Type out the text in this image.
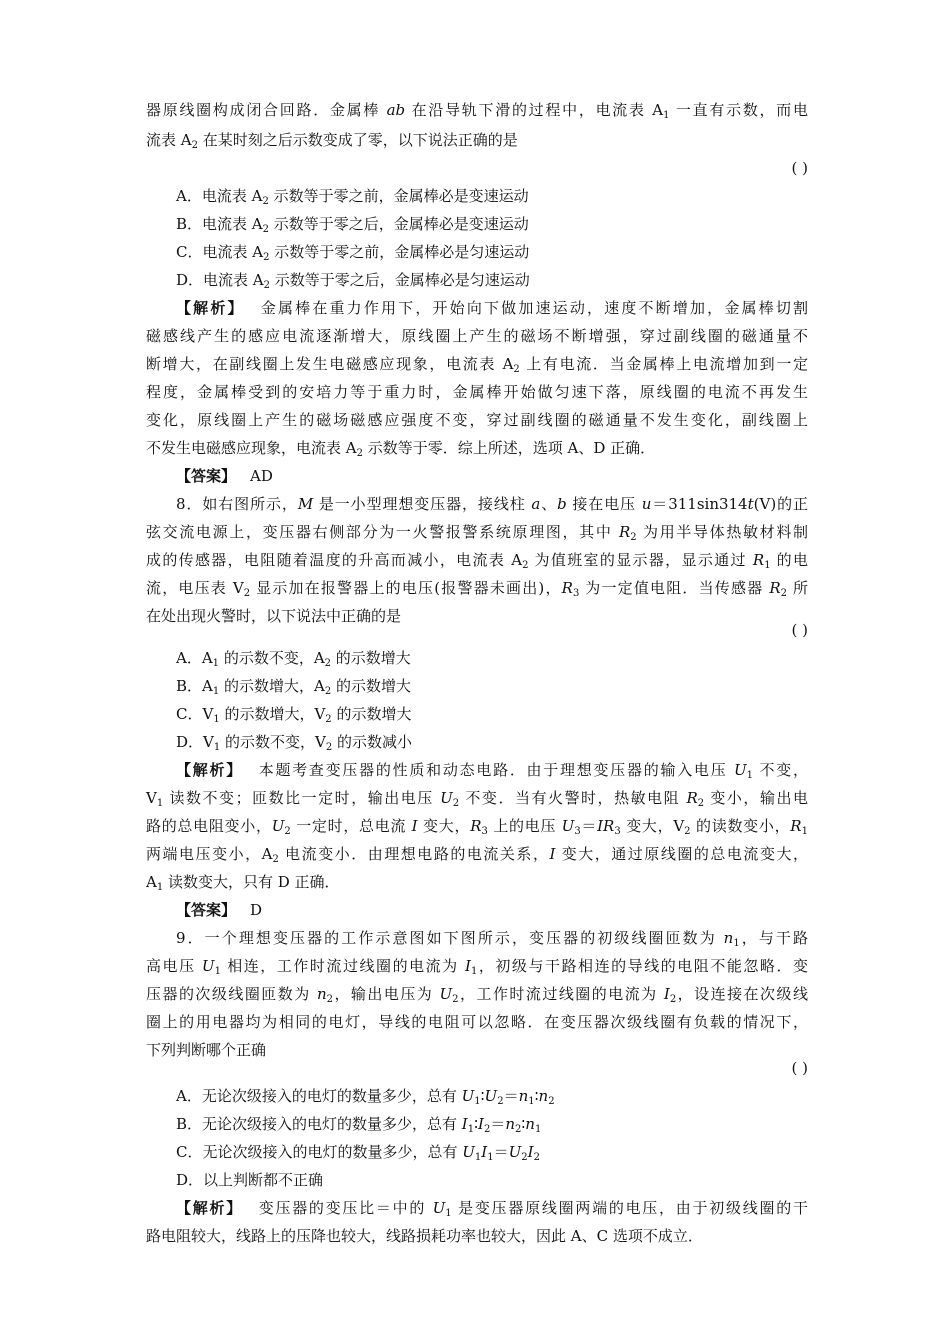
器原线圈构成闭合回路．金属棒 ab 在沿导轨下滑的过程中，电流表 $A_1$ 一直有示数，而电
流表 $A_2$ 在某时刻之后示数变成了零，以下说法正确的是
( )
A．电流表 $A_2$ 示数等于零之前，金属棒必是变速运动
B．电流表 $A_2$ 示数等于零之后，金属棒必是变速运动
C．电流表 $A_2$ 示数等于零之前，金属棒必是匀速运动
D．电流表 $A_2$ 示数等于零之后，金属棒必是匀速运动
【解析】 金属棒在重力作用下，开始向下做加速运动，速度不断增加，金属棒切割
磁感线产生的感应电流逐渐增大，原线圈上产生的磁场不断增强，穿过副线圈的磁通量不
断增大，在副线圈上发生电磁感应现象，电流表 $A_2$ 上有电流．当金属棒上电流增加到一定
程度，金属棒受到的安培力等于重力时，金属棒开始做匀速下落，原线圈的电流不再发生
变化，原线圈上产生的磁场磁感应强度不变，穿过副线圈的磁通量不发生变化，副线圈上
不发生电磁感应现象，电流表 $A_2$ 示数等于零．综上所述，选项 A、D 正确．
【答案】 AD
8．如右图所示，M 是一小型理想变压器，接线柱 a、b 接在电压 u＝311sin314t(V)的正
弦交流电源上，变压器右侧部分为一火警报警系统原理图，其中 $R_2$ 为用半导体热敏材料制
成的传感器，电阻随着温度的升高而减小，电流表 $A_2$ 为值班室的显示器，显示通过 $R_1$ 的电
流，电压表 $V_2$ 显示加在报警器上的电压(报警器未画出)，$R_3$ 为一定值电阻．当传感器 $R_2$ 所
在处出现火警时，以下说法中正确的是
( )
A．$A_1$ 的示数不变，$A_2$ 的示数增大
B．$A_1$ 的示数增大，$A_2$ 的示数增大
C．$V_1$ 的示数增大，$V_2$ 的示数增大
D．$V_1$ 的示数不变，$V_2$ 的示数减小
【解析】 本题考查变压器的性质和动态电路．由于理想变压器的输入电压 $U_1$ 不变，
$V_1$ 读数不变；匝数比一定时，输出电压 $U_2$ 不变．当有火警时，热敏电阻 $R_2$ 变小，输出电
路的总电阻变小，$U_2$ 一定时，总电流 I 变大，$R_3$ 上的电压 $U_3=IR_3$ 变大，$V_2$ 的读数变小，$R_1$
两端电压变小，$A_2$ 电流变小．由理想电路的电流关系，I 变大，通过原线圈的总电流变大，
$A_1$ 读数变大，只有 D 正确．
【答案】 D
9．一个理想变压器的工作示意图如下图所示，变压器的初级线圈匝数为 $n_1$，与干路
高电压 $U_1$ 相连，工作时流过线圈的电流为 $I_1$，初级与干路相连的导线的电阻不能忽略．变
压器的次级线圈匝数为 $n_2$，输出电压为 $U_2$，工作时流过线圈的电流为 $I_2$，设连接在次级线
圈上的用电器均为相同的电灯，导线的电阻可以忽略．在变压器次级线圈有负载的情况下，
下列判断哪个正确
( )
A．无论次级接入的电灯的数量多少，总有 $U_1∶U_2=n_1∶n_2$
B．无论次级接入的电灯的数量多少，总有 $I_1∶I_2=n_2∶n_1$
C．无论次级接入的电灯的数量多少，总有 $U_1I_1=U_2I_2$
D．以上判断都不正确
【解析】 变压器的变压比＝中的 $U_1$ 是变压器原线圈两端的电压，由于初级线圈的干
路电阻较大，线路上的压降也较大，线路损耗功率也较大，因此 A、C 选项不成立．
